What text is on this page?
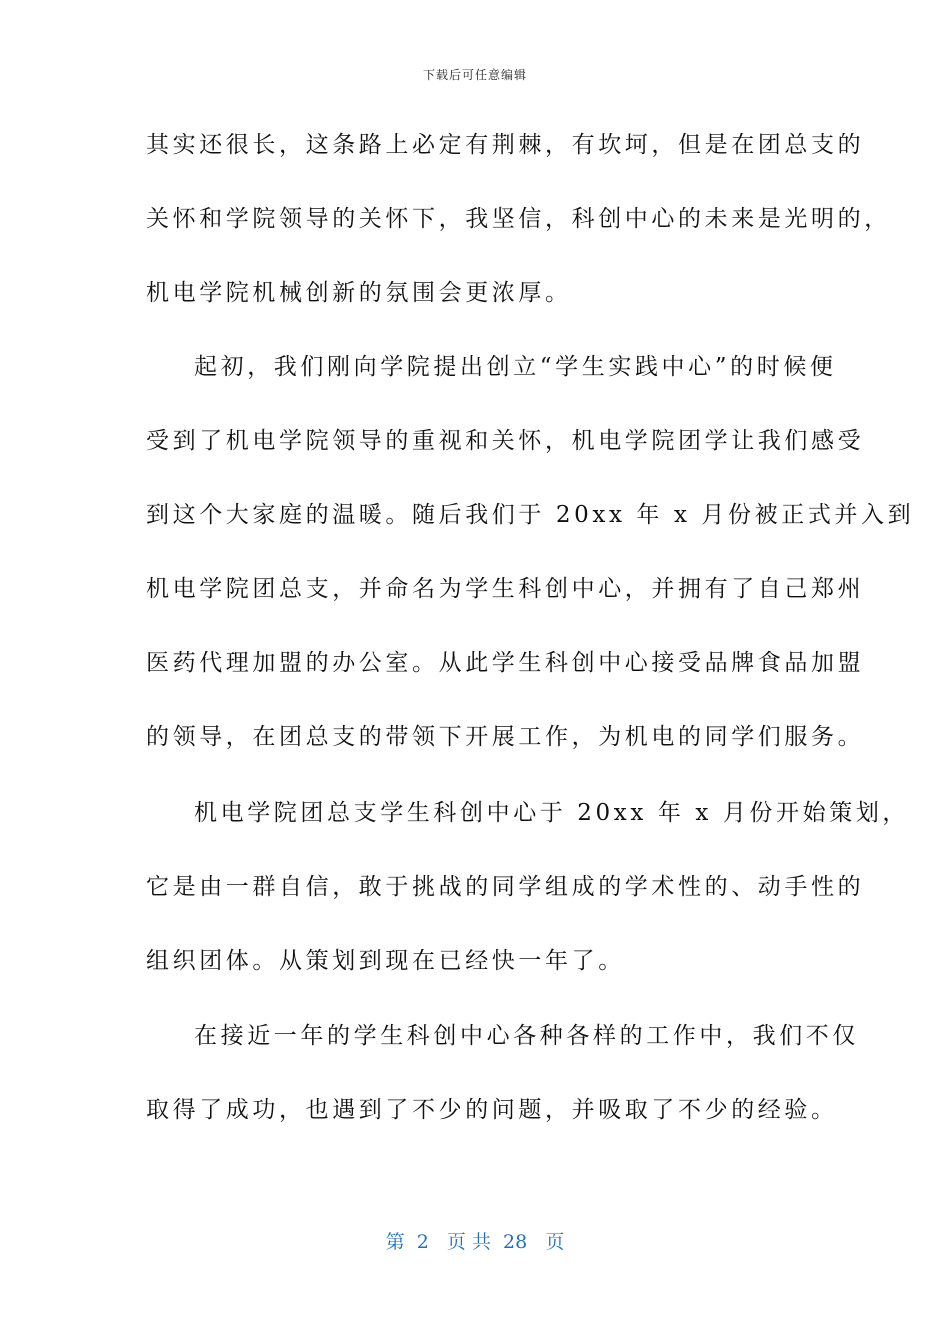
下载后可任意编辑
其实还很长，这条路上必定有荆棘，有坎坷，但是在团总支的
关怀和学院领导的关怀下，我坚信，科创中心的未来是光明的，
机电学院机械创新的氛围会更浓厚。
起初，我们刚向学院提出创立“学生实践中心”的时候便
受到了机电学院领导的重视和关怀，机电学院团学让我们感受
到这个大家庭的温暖。随后我们于 20xx 年 x 月份被正式并入到
机电学院团总支，并命名为学生科创中心，并拥有了自己郑州
医药代理加盟的办公室。从此学生科创中心接受品牌食品加盟
的领导，在团总支的带领下开展工作，为机电的同学们服务。
机电学院团总支学生科创中心于 20xx 年 x 月份开始策划，
它是由一群自信，敢于挑战的同学组成的学术性的、动手性的
组织团体。从策划到现在已经快一年了。
在接近一年的学生科创中心各种各样的工作中，我们不仅
取得了成功，也遇到了不少的问题，并吸取了不少的经验。
第  2   页 共  28   页
